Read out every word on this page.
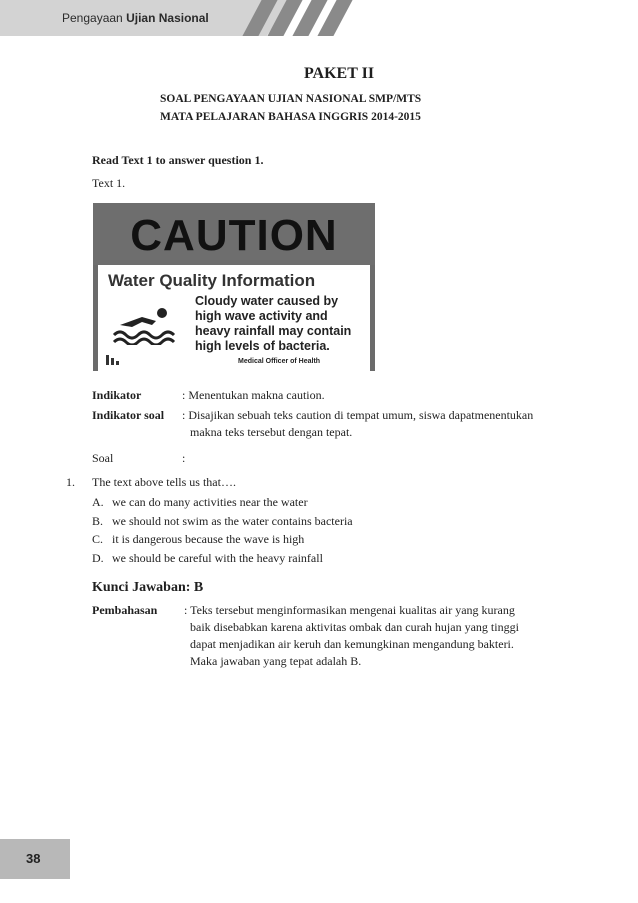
Pengayaan Ujian Nasional
PAKET II
SOAL PENGAYAAN UJIAN NASIONAL SMP/MTS
MATA PELAJARAN BAHASA INGGRIS 2014-2015
Read Text 1 to answer question 1.
Text 1.
CAUTION
Water Quality Information
Cloudy water caused by
high wave activity and
heavy rainfall may contain
high levels of bacteria.
Medical Officer of Health
Indikator	: Menentukan makna caution.
Indikator soal : Disajikan sebuah teks caution di tempat umum, siswa dapatmenentukan
makna teks tersebut dengan tepat.
Soal	:
1. The text above tells us that….
A. we can do many activities near the water
B. we should not swim as the water contains bacteria
C. it is dangerous because the wave is high
D. we should be careful with the heavy rainfall
Kunci Jawaban: B
Pembahasan : Teks tersebut menginformasikan mengenai kualitas air yang kurang
baik disebabkan karena aktivitas ombak dan curah hujan yang tinggi
dapat menjadikan air keruh dan kemungkinan mengandung bakteri.
Maka jawaban yang tepat adalah B.
38
